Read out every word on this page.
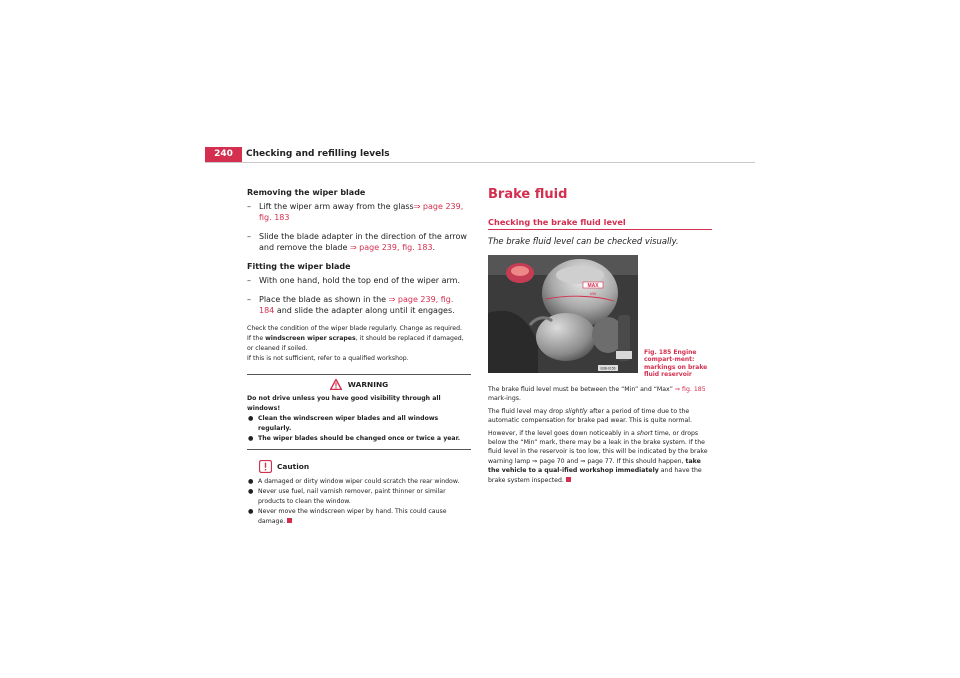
240	Checking and refilling levels
Removing the wiper blade
– Lift the wiper arm away from the glass⇒ page 239, fig. 183
– Slide the blade adapter in the direction of the arrow and remove the blade ⇒ page 239, fig. 183.
Fitting the wiper blade
– With one hand, hold the top end of the wiper arm.
– Place the blade as shown in the ⇒ page 239, fig. 184 and slide the adapter along until it engages.

Check the condition of the wiper blade regularly. Change as required.

If the windscreen wiper scrapes, it should be replaced if damaged, or cleaned if soiled.

If this is not sufficient, refer to a qualified workshop.

WARNING

Do not drive unless you have good visibility through all windows!

● Clean the windscreen wiper blades and all windows regularly.

● The wiper blades should be changed once or twice a year.

Caution

● A damaged or dirty window wiper could scratch the rear window.

● Never use fuel, nail varnish remover, paint thinner or similar products to clean the window.

● Never move the windscreen wiper by hand. This could cause damage.

Brake fluid
Checking the brake fluid level

The brake fluid level can be checked visually.

MAX
MIN
B3B-0156
Fig. 185 Engine compart-ment: markings on brake fluid reservoir

The brake fluid level must be between the “Min” and “Max” ⇒ fig. 185 mark-ings.

The fluid level may drop slightly after a period of time due to the automatic compensation for brake pad wear. This is quite normal.

However, if the level goes down noticeably in a short time, or drops below the “Min” mark, there may be a leak in the brake system. If the fluid level in the reservoir is too low, this will be indicated by the brake warning lamp ⇒ page 70 and ⇒ page 77. If this should happen, take the vehicle to a qual-ified workshop immediately and have the brake system inspected.
